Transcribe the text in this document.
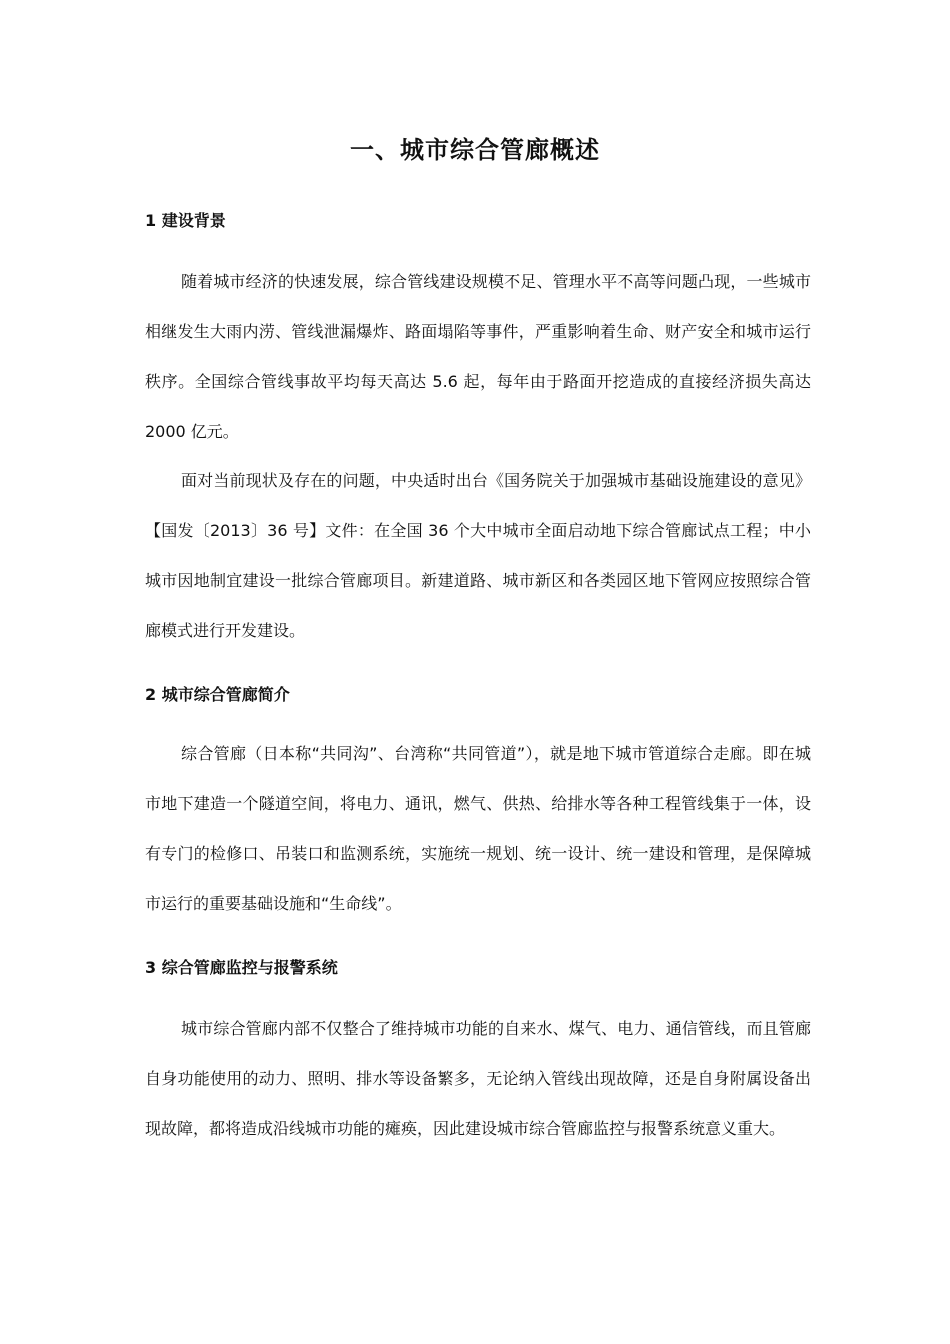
一、城市综合管廊概述
1 建设背景

随着城市经济的快速发展，综合管线建设规模不足、管理水平不高等问题凸现，一些城市相继发生大雨内涝、管线泄漏爆炸、路面塌陷等事件，严重影响着生命、财产安全和城市运行秩序。全国综合管线事故平均每天高达 5.6 起，每年由于路面开挖造成的直接经济损失高达 2000 亿元。

面对当前现状及存在的问题，中央适时出台《国务院关于加强城市基础设施建设的意见》【国发〔2013〕36 号】文件：在全国 36 个大中城市全面启动地下综合管廊试点工程；中小城市因地制宜建设一批综合管廊项目。新建道路、城市新区和各类园区地下管网应按照综合管廊模式进行开发建设。

2 城市综合管廊简介

综合管廊（日本称“共同沟”、台湾称“共同管道”），就是地下城市管道综合走廊。即在城市地下建造一个隧道空间，将电力、通讯，燃气、供热、给排水等各种工程管线集于一体，设有专门的检修口、吊装口和监测系统，实施统一规划、统一设计、统一建设和管理，是保障城市运行的重要基础设施和“生命线”。

3 综合管廊监控与报警系统

城市综合管廊内部不仅整合了维持城市功能的自来水、煤气、电力、通信管线，而且管廊自身功能使用的动力、照明、排水等设备繁多，无论纳入管线出现故障，还是自身附属设备出现故障，都将造成沿线城市功能的瘫痪，因此建设城市综合管廊监控与报警系统意义重大。
